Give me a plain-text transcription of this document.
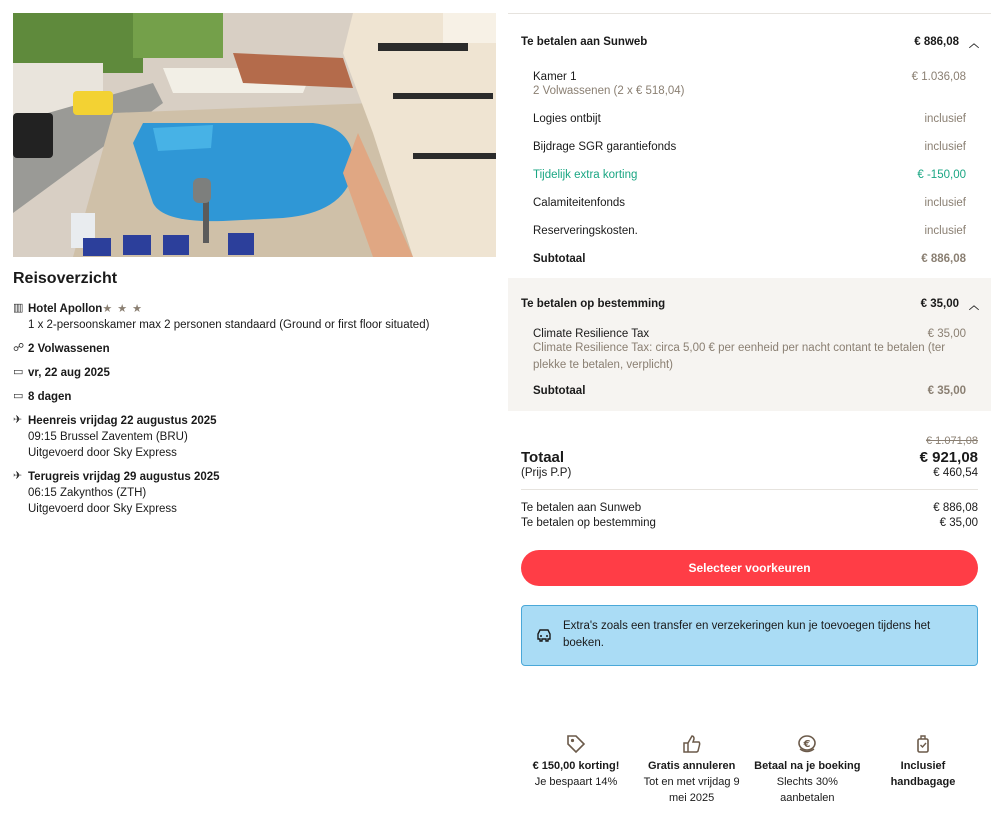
Reisoverzicht
▥ Hotel Apollon★ ★ ★
1 x 2-persoonskamer max 2 personen standaard (Ground or first floor situated)
☍ 2 Volwassenen
▭ vr, 22 aug 2025
▭ 8 dagen
✈ Heenreis vrijdag 22 augustus 2025
09:15 Brussel Zaventem (BRU)
Uitgevoerd door Sky Express
✈ Terugreis vrijdag 29 augustus 2025
06:15 Zakynthos (ZTH)
Uitgevoerd door Sky Express
Te betalen aan Sunweb	€ 886,08 ︿
Kamer 1	€ 1.036,08
2 Volwassenen (2 x € 518,04)
Logies ontbijt	inclusief
Bijdrage SGR garantiefonds	inclusief
Tijdelijk extra korting	€ -150,00
Calamiteitenfonds	inclusief
Reserveringskosten.	inclusief
Subtotaal	€ 886,08
Te betalen op bestemming	€ 35,00 ︿
Climate Resilience Tax	€ 35,00
Climate Resilience Tax: circa 5,00 € per eenheid per nacht contant te betalen (ter plekke te betalen, verplicht)
Subtotaal	€ 35,00
€ 1.071,08
Totaal	€ 921,08
(Prijs P.P)	€ 460,54
Te betalen aan Sunweb	€ 886,08
Te betalen op bestemming	€ 35,00
Selecteer voorkeuren
Extra's zoals een transfer en verzekeringen kun je toevoegen tijdens het boeken.
€ 150,00 korting!
Je bespaart 14%
Gratis annuleren
Tot en met vrijdag 9 mei 2025
€
Betaal na je boeking
Slechts 30% aanbetalen
Inclusief handbagage
